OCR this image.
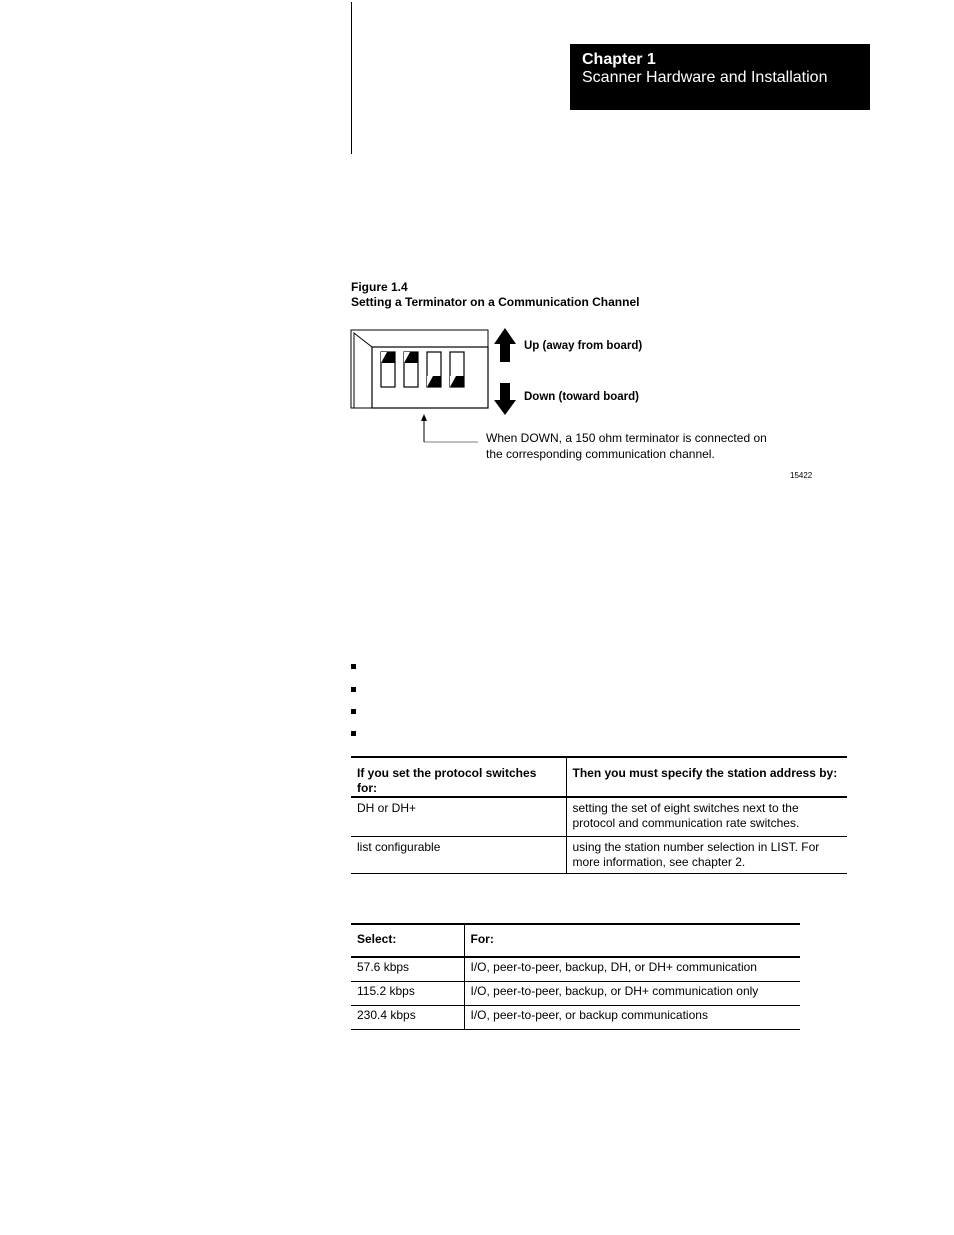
Chapter 1
Scanner Hardware and Installation
Figure 1.4
Setting a Terminator on a Communication Channel
Up (away from board)
Down (toward board)
When DOWN, a 150 ohm terminator is connected on
the corresponding communication channel.
15422
If you set the protocol switches for:	Then you must specify the station address by:
DH or DH+	setting the set of eight switches next to the protocol and communication rate switches.
list configurable	using the station number selection in LIST. For more information, see chapter 2.
Select:	For:
57.6 kbps	I/O, peer-to-peer, backup, DH, or DH+ communication
115.2 kbps	I/O, peer-to-peer, backup, or DH+ communication only
230.4 kbps	I/O, peer-to-peer, or backup communications
